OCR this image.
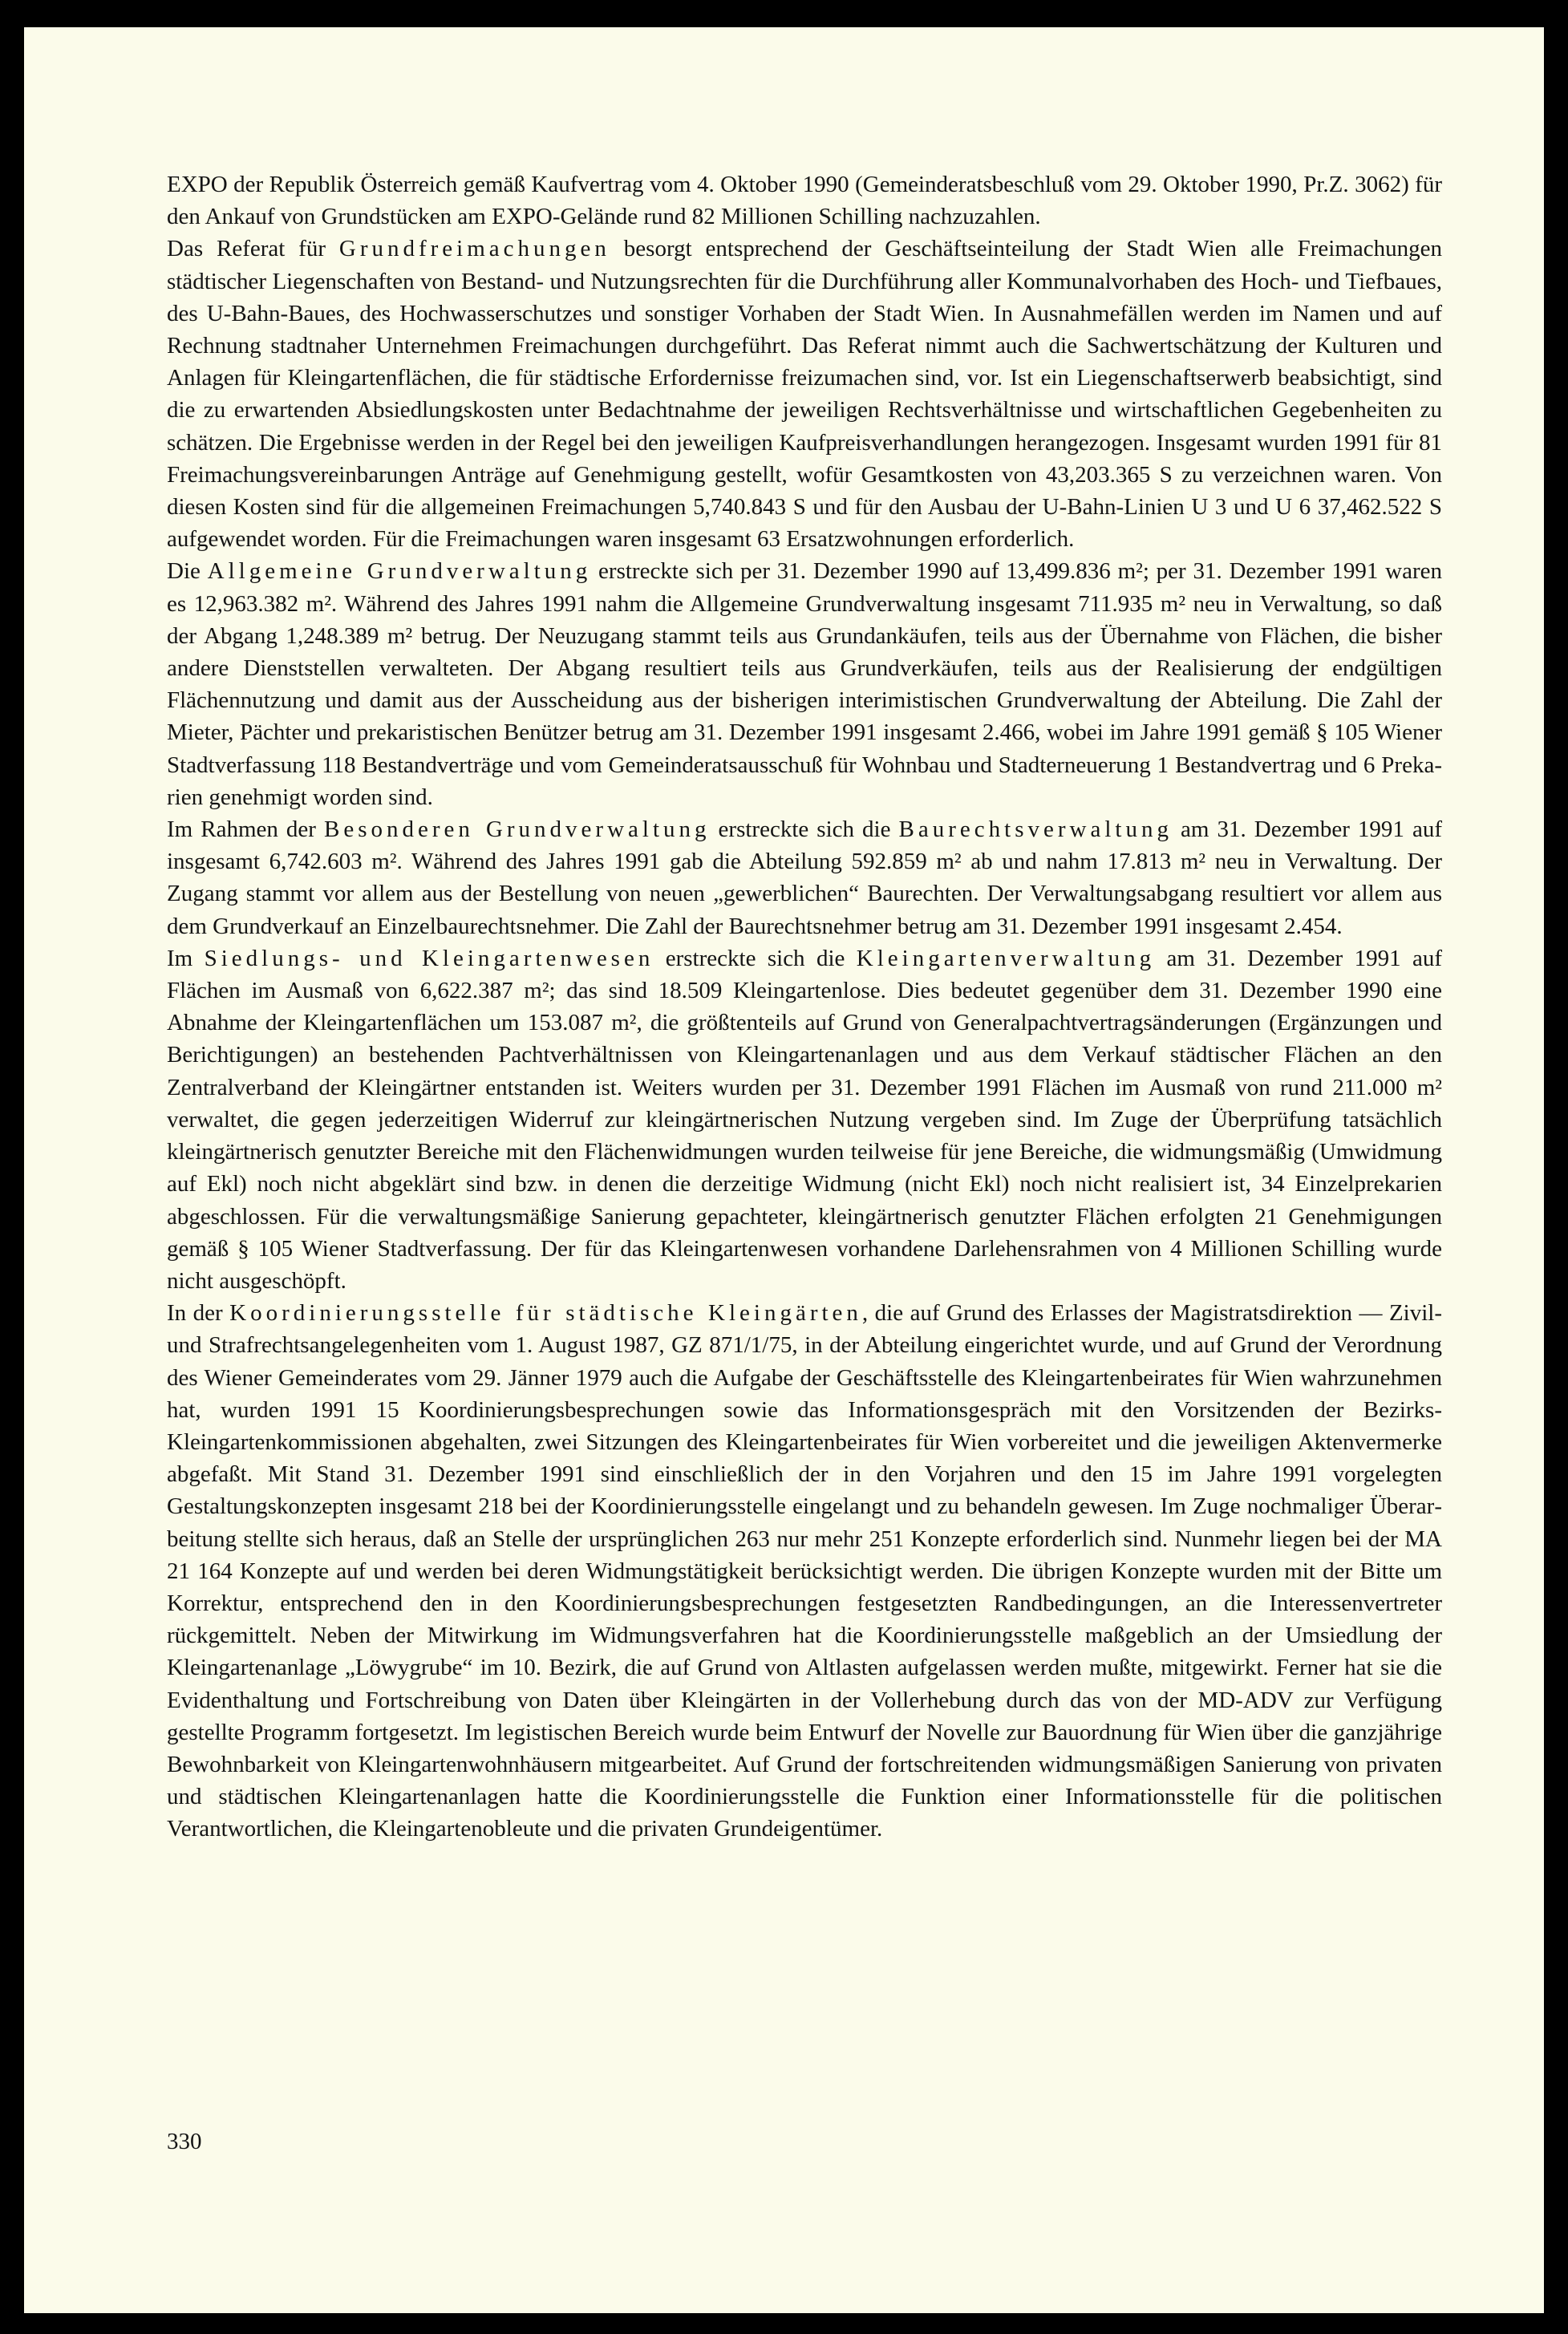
EXPO der Republik Österreich gemäß Kaufvertrag vom 4. Oktober 1990 (Gemeinderatsbeschluß vom 29. Oktober 1990, Pr.Z. 3062) für den Ankauf von Grundstücken am EXPO-Gelände rund 82 Millionen Schilling nachzuzahlen.

Das Referat für Grundfreimachungen besorgt entsprechend der Geschäftseinteilung der Stadt Wien alle Freimachungen städtischer Liegenschaften von Bestand- und Nutzungsrechten für die Durchführung aller Kommunalvorhaben des Hoch- und Tiefbaues, des U-Bahn-Baues, des Hochwasserschutzes und sonstiger Vorhaben der Stadt Wien. In Ausnahmefällen werden im Namen und auf Rechnung stadtnaher Unternehmen Freimachungen durchgeführt. Das Referat nimmt auch die Sachwertschätzung der Kulturen und Anlagen für Kleingartenflächen, die für städtische Erfordernisse freizumachen sind, vor. Ist ein Liegenschaftserwerb beabsichtigt, sind die zu erwartenden Absiedlungskosten unter Bedachtnahme der jeweiligen Rechtsverhältnisse und wirtschaftlichen Gegebenheiten zu schätzen. Die Ergebnisse werden in der Regel bei den jeweiligen Kaufpreisverhandlungen herangezogen. Insgesamt wurden 1991 für 81 Freimachungsvereinbarungen Anträge auf Genehmigung gestellt, wofür Gesamtkosten von 43,203.365 S zu verzeichnen waren. Von diesen Kosten sind für die allgemeinen Freimachungen 5,740.843 S und für den Ausbau der U-Bahn-Linien U 3 und U 6 37,462.522 S aufgewendet worden. Für die Freimachungen waren insgesamt 63 Ersatzwohnungen erforderlich.

Die Allgemeine Grundverwaltung erstreckte sich per 31. Dezember 1990 auf 13,499.836 m²; per 31. Dezember 1991 waren es 12,963.382 m². Während des Jahres 1991 nahm die Allgemeine Grundverwaltung insgesamt 711.935 m² neu in Verwaltung, so daß der Abgang 1,248.389 m² betrug. Der Neuzugang stammt teils aus Grundankäufen, teils aus der Übernahme von Flächen, die bisher andere Dienststellen verwalteten. Der Abgang resultiert teils aus Grundverkäufen, teils aus der Realisierung der endgültigen Flächennutzung und damit aus der Ausscheidung aus der bisherigen interimistischen Grundverwaltung der Abteilung. Die Zahl der Mieter, Pächter und prekaristischen Benützer betrug am 31. Dezember 1991 insgesamt 2.466, wobei im Jahre 1991 gemäß § 105 Wiener Stadtverfassung 118 Bestandverträge und vom Gemeinderatsausschuß für Wohnbau und Stadterneuerung 1 Bestandvertrag und 6 Prekarien genehmigt worden sind.

Im Rahmen der Besonderen Grundverwaltung erstreckte sich die Baurechtsverwaltung am 31. Dezember 1991 auf insgesamt 6,742.603 m². Während des Jahres 1991 gab die Abteilung 592.859 m² ab und nahm 17.813 m² neu in Verwaltung. Der Zugang stammt vor allem aus der Bestellung von neuen „gewerblichen“ Baurechten. Der Verwaltungsabgang resultiert vor allem aus dem Grundverkauf an Einzelbaurechtsnehmer. Die Zahl der Baurechtsnehmer betrug am 31. Dezember 1991 insgesamt 2.454.

Im Siedlungs- und Kleingartenwesen erstreckte sich die Kleingartenverwaltung am 31. Dezember 1991 auf Flächen im Ausmaß von 6,622.387 m²; das sind 18.509 Kleingartenlose. Dies bedeutet gegenüber dem 31. Dezember 1990 eine Abnahme der Kleingartenflächen um 153.087 m², die größtenteils auf Grund von Generalpachtvertragsänderungen (Ergänzungen und Berichtigungen) an bestehenden Pachtverhältnissen von Kleingartenanlagen und aus dem Verkauf städtischer Flächen an den Zentralverband der Kleingärtner entstanden ist. Weiters wurden per 31. Dezember 1991 Flächen im Ausmaß von rund 211.000 m² verwaltet, die gegen jederzeitigen Widerruf zur kleingärtnerischen Nutzung vergeben sind. Im Zuge der Überprüfung tatsächlich kleingärtnerisch genutzter Bereiche mit den Flächenwidmungen wurden teilweise für jene Bereiche, die widmungsmäßig (Umwidmung auf Ekl) noch nicht abgeklärt sind bzw. in denen die derzeitige Widmung (nicht Ekl) noch nicht realisiert ist, 34 Einzelprekarien abgeschlossen. Für die verwaltungsmäßige Sanierung gepachteter, kleingärtnerisch genutzter Flächen erfolgten 21 Genehmigungen gemäß § 105 Wiener Stadtverfassung. Der für das Kleingartenwesen vorhandene Darlehensrahmen von 4 Millionen Schilling wurde nicht ausgeschöpft.

In der Koordinierungsstelle für städtische Kleingärten, die auf Grund des Erlasses der Magistratsdirektion — Zivil- und Strafrechtsangelegenheiten vom 1. August 1987, GZ 871/1/75, in der Abteilung eingerichtet wurde, und auf Grund der Verordnung des Wiener Gemeinderates vom 29. Jänner 1979 auch die Aufgabe der Geschäftsstelle des Kleingartenbeirates für Wien wahrzunehmen hat, wurden 1991 15 Koordinierungsbesprechungen sowie das Informationsgespräch mit den Vorsitzenden der Bezirks-Kleingartenkommissionen abgehalten, zwei Sitzungen des Kleingartenbeirates für Wien vorbereitet und die jeweiligen Aktenvermerke abgefaßt. Mit Stand 31. Dezember 1991 sind einschließlich der in den Vorjahren und den 15 im Jahre 1991 vorgelegten Gestaltungskonzepten insgesamt 218 bei der Koordinierungsstelle eingelangt und zu behandeln gewesen. Im Zuge nochmaliger Überarbeitung stellte sich heraus, daß an Stelle der ursprünglichen 263 nur mehr 251 Konzepte erforderlich sind. Nunmehr liegen bei der MA 21 164 Konzepte auf und werden bei deren Widmungstätigkeit berücksichtigt werden. Die übrigen Konzepte wurden mit der Bitte um Korrektur, entsprechend den in den Koordinierungsbesprechungen festgesetzten Randbedingungen, an die Interessenvertreter rückgemittelt. Neben der Mitwirkung im Widmungsverfahren hat die Koordinierungsstelle maßgeblich an der Umsiedlung der Kleingartenanlage „Löwygrube“ im 10. Bezirk, die auf Grund von Altlasten aufgelassen werden mußte, mitgewirkt. Ferner hat sie die Evidenthaltung und Fortschreibung von Daten über Kleingärten in der Vollerhebung durch das von der MD-ADV zur Verfügung gestellte Programm fortgesetzt. Im legistischen Bereich wurde beim Entwurf der Novelle zur Bauordnung für Wien über die ganzjährige Bewohnbarkeit von Kleingartenwohnhäusern mitgearbeitet. Auf Grund der fortschreitenden widmungsmäßigen Sanierung von privaten und städtischen Kleingartenanlagen hatte die Koordinierungsstelle die Funktion einer Informationsstelle für die politischen Verantwortlichen, die Kleingartenobleute und die privaten Grundeigentümer.

330
